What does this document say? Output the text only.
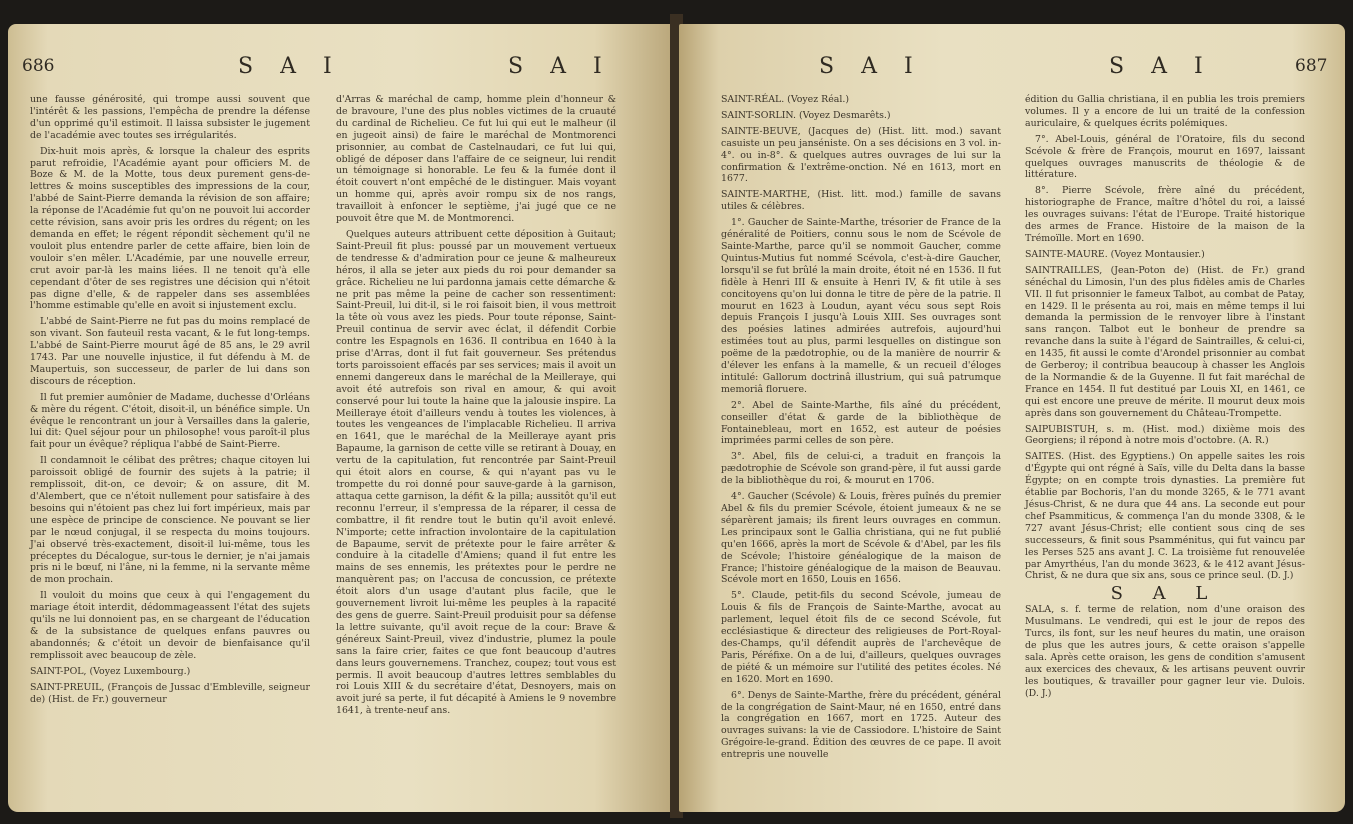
686	S A I	S A I

une fausse générosité, qui trompe aussi souvent que l'intérêt & les passions, l'empêcha de prendre la défense d'un opprimé qu'il estimoit. Il laissa subsister le jugement de l'académie avec toutes ses irrégularités.

Dix-huit mois après, & lorsque la chaleur des esprits parut refroidie, l'Académie ayant pour officiers M. de Boze & M. de la Motte, tous deux purement gens-de-lettres & moins susceptibles des impressions de la cour, l'abbé de Saint-Pierre demanda la révision de son affaire; la réponse de l'Académie fut qu'on ne pouvoit lui accorder cette révision, sans avoir pris les ordres du régent; on les demanda en effet; le régent répondit sèchement qu'il ne vouloit plus entendre parler de cette affaire, bien loin de vouloir s'en mêler. L'Académie, par une nouvelle erreur, crut avoir par-là les mains liées. Il ne tenoit qu'à elle cependant d'ôter de ses registres une décision qui n'étoit pas digne d'elle, & de rappeler dans ses assemblées l'homme estimable qu'elle en avoit si injustement exclu.

L'abbé de Saint-Pierre ne fut pas du moins remplacé de son vivant. Son fauteuil resta vacant, & le fut long-temps. L'abbé de Saint-Pierre mourut âgé de 85 ans, le 29 avril 1743. Par une nouvelle injustice, il fut défendu à M. de Maupertuis, son successeur, de parler de lui dans son discours de réception.

Il fut premier aumônier de Madame, duchesse d'Orléans & mère du régent. C'étoit, disoit-il, un bénéfice simple. Un évêque le rencontrant un jour à Versailles dans la galerie, lui dit: Quel séjour pour un philosophe! vous paroît-il plus fait pour un évêque? répliqua l'abbé de Saint-Pierre.

Il condamnoit le célibat des prêtres; chaque citoyen lui paroissoit obligé de fournir des sujets à la patrie; il remplissoit, dit-on, ce devoir; & on assure, dit M. d'Alembert, que ce n'étoit nullement pour satisfaire à des besoins qui n'étoient pas chez lui fort impérieux, mais par une espèce de principe de conscience. Ne pouvant se lier par le nœud conjugal, il se respecta du moins toujours. J'ai observé très-exactement, disoit-il lui-même, tous les préceptes du Décalogue, sur-tous le dernier, je n'ai jamais pris ni le bœuf, ni l'âne, ni la femme, ni la servante même de mon prochain.

Il vouloit du moins que ceux à qui l'engagement du mariage étoit interdit, dédommageassent l'état des sujets qu'ils ne lui donnoient pas, en se chargeant de l'éducation & de la subsistance de quelques enfans pauvres ou abandonnés; & c'étoit un devoir de bienfaisance qu'il remplissoit avec beaucoup de zèle.

SAINT-POL, (Voyez Luxembourg.)

SAINT-PREUIL, (François de Jussac d'Embleville, seigneur de) (Hist. de Fr.) gouverneur

d'Arras & maréchal de camp, homme plein d'honneur & de bravoure, l'une des plus nobles victimes de la cruauté du cardinal de Richelieu. Ce fut lui qui eut le malheur (il en jugeoit ainsi) de faire le maréchal de Montmorenci prisonnier, au combat de Castelnaudari, ce fut lui qui, obligé de déposer dans l'affaire de ce seigneur, lui rendit un témoignage si honorable. Le feu & la fumée dont il étoit couvert n'ont empêché de le distinguer. Mais voyant un homme qui, après avoir rompu six de nos rangs, travailloit à enfoncer le septième, j'ai jugé que ce ne pouvoit être que M. de Montmorenci.

Quelques auteurs attribuent cette déposition à Guitaut; Saint-Preuil fit plus: poussé par un mouvement vertueux de tendresse & d'admiration pour ce jeune & malheureux héros, il alla se jeter aux pieds du roi pour demander sa grâce. Richelieu ne lui pardonna jamais cette démarche & ne prit pas même la peine de cacher son ressentiment: Saint-Preuil, lui dit-il, si le roi faisoit bien, il vous mettroit la tête où vous avez les pieds. Pour toute réponse, Saint-Preuil continua de servir avec éclat, il défendit Corbie contre les Espagnols en 1636. Il contribua en 1640 à la prise d'Arras, dont il fut fait gouverneur. Ses prétendus torts paroissoient effacés par ses services; mais il avoit un ennemi dangereux dans le maréchal de la Meilleraye, qui avoit été autrefois son rival en amour, & qui avoit conservé pour lui toute la haine que la jalousie inspire. La Meilleraye étoit d'ailleurs vendu à toutes les violences, à toutes les vengeances de l'implacable Richelieu. Il arriva en 1641, que le maréchal de la Meilleraye ayant pris Bapaume, la garnison de cette ville se retirant à Douay, en vertu de la capitulation, fut rencontrée par Saint-Preuil qui étoit alors en course, & qui n'ayant pas vu le trompette du roi donné pour sauve-garde à la garnison, attaqua cette garnison, la défit & la pilla; aussitôt qu'il eut reconnu l'erreur, il s'empressa de la réparer, il cessa de combattre, il fit rendre tout le butin qu'il avoit enlevé. N'importe; cette infraction involontaire de la capitulation de Bapaume, servit de prétexte pour le faire arrêter & conduire à la citadelle d'Amiens; quand il fut entre les mains de ses ennemis, les prétextes pour le perdre ne manquèrent pas; on l'accusa de concussion, ce prétexte étoit alors d'un usage d'autant plus facile, que le gouvernement livroit lui-même les peuples à la rapacité des gens de guerre. Saint-Preuil produisit pour sa défense la lettre suivante, qu'il avoit reçue de la cour: Brave & généreux Saint-Preuil, vivez d'industrie, plumez la poule sans la faire crier, faites ce que font beaucoup d'autres dans leurs gouvernemens. Tranchez, coupez; tout vous est permis. Il avoit beaucoup d'autres lettres semblables du roi Louis XIII & du secrétaire d'état, Desnoyers, mais on avoit juré sa perte, il fut décapité à Amiens le 9 novembre 1641, à trente-neuf ans.

S A I	S A I	687

SAINT-RÉAL. (Voyez Réal.)

SAINT-SORLIN. (Voyez Desmarêts.)

SAINTE-BEUVE, (Jacques de) (Hist. litt. mod.) savant casuiste un peu janséniste. On a ses décisions en 3 vol. in-4°. ou in-8°. & quelques autres ouvrages de lui sur la confirmation & l'extrême-onction. Né en 1613, mort en 1677.

SAINTE-MARTHE, (Hist. litt. mod.) famille de savans utiles & célèbres.

1°. Gaucher de Sainte-Marthe, trésorier de France de la généralité de Poitiers, connu sous le nom de Scévole de Sainte-Marthe, parce qu'il se nommoit Gaucher, comme Quintus-Mutius fut nommé Scévola, c'est-à-dire Gaucher, lorsqu'il se fut brûlé la main droite, étoit né en 1536. Il fut fidèle à Henri III & ensuite à Henri IV, & fit utile à ses concitoyens qu'on lui donna le titre de père de la patrie. Il mourut en 1623 à Loudun, ayant vécu sous sept Rois depuis François I jusqu'à Louis XIII. Ses ouvrages sont des poésies latines admirées autrefois, aujourd'hui estimées tout au plus, parmi lesquelles on distingue son poëme de la pædotrophie, ou de la manière de nourrir & d'élever les enfans à la mamelle, & un recueil d'éloges intitulé: Gallorum doctrinâ illustrium, qui suâ patrumque memoriâ floruere.

2°. Abel de Sainte-Marthe, fils aîné du précédent, conseiller d'état & garde de la bibliothèque de Fontainebleau, mort en 1652, est auteur de poésies imprimées parmi celles de son père.

3°. Abel, fils de celui-ci, a traduit en françois la pædotrophie de Scévole son grand-père, il fut aussi garde de la bibliothèque du roi, & mourut en 1706.

4°. Gaucher (Scévole) & Louis, frères puînés du premier Abel & fils du premier Scévole, étoient jumeaux & ne se séparèrent jamais; ils firent leurs ouvrages en commun. Les principaux sont le Gallia christiana, qui ne fut publié qu'en 1666, après la mort de Scévole & d'Abel, par les fils de Scévole; l'histoire généalogique de la maison de France; l'histoire généalogique de la maison de Beauvau. Scévole mort en 1650, Louis en 1656.

5°. Claude, petit-fils du second Scévole, jumeau de Louis & fils de François de Sainte-Marthe, avocat au parlement, lequel étoit fils de ce second Scévole, fut ecclésiastique & directeur des religieuses de Port-Royal-des-Champs, qu'il défendit auprès de l'archevêque de Paris, Péréfixe. On a de lui, d'ailleurs, quelques ouvrages de piété & un mémoire sur l'utilité des petites écoles. Né en 1620. Mort en 1690.

6°. Denys de Sainte-Marthe, frère du précédent, général de la congrégation de Saint-Maur, né en 1650, entré dans la congrégation en 1667, mort en 1725. Auteur des ouvrages suivans: la vie de Cassiodore. L'histoire de Saint Grégoire-le-grand. Édition des œuvres de ce pape. Il avoit entrepris une nouvelle

édition du Gallia christiana, il en publia les trois premiers volumes. Il y a encore de lui un traité de la confession auriculaire, & quelques écrits polémiques.

7°. Abel-Louis, général de l'Oratoire, fils du second Scévole & frère de François, mourut en 1697, laissant quelques ouvrages manuscrits de théologie & de littérature.

8°. Pierre Scévole, frère aîné du précédent, historiographe de France, maître d'hôtel du roi, a laissé les ouvrages suivans: l'état de l'Europe. Traité historique des armes de France. Histoire de la maison de la Trémoïlle. Mort en 1690.

SAINTE-MAURE. (Voyez Montausier.)

SAINTRAILLES, (Jean-Poton de) (Hist. de Fr.) grand sénéchal du Limosin, l'un des plus fidèles amis de Charles VII. Il fut prisonnier le fameux Talbot, au combat de Patay, en 1429. Il le présenta au roi, mais en même temps il lui demanda la permission de le renvoyer libre à l'instant sans rançon. Talbot eut le bonheur de prendre sa revanche dans la suite à l'égard de Saintrailles, & celui-ci, en 1435, fit aussi le comte d'Arondel prisonnier au combat de Gerberoy; il contribua beaucoup à chasser les Anglois de la Normandie & de la Guyenne. Il fut fait maréchal de France en 1454. Il fut destitué par Louis XI, en 1461, ce qui est encore une preuve de mérite. Il mourut deux mois après dans son gouvernement du Château-Trompette.

SAIPUBISTUH, s. m. (Hist. mod.) dixième mois des Georgiens; il répond à notre mois d'octobre. (A. R.)

SAITES. (Hist. des Egyptiens.) On appelle saites les rois d'Égypte qui ont régné à Saïs, ville du Delta dans la basse Égypte; on en compte trois dynasties. La première fut établie par Bochoris, l'an du monde 3265, & le 771 avant Jésus-Christ, & ne dura que 44 ans. La seconde eut pour chef Psammiticus, & commença l'an du monde 3308, & le 727 avant Jésus-Christ; elle contient sous cinq de ses successeurs, & finit sous Psamménitus, qui fut vaincu par les Perses 525 ans avant J. C. La troisième fut renouvelée par Amyrthéus, l'an du monde 3623, & le 412 avant Jésus-Christ, & ne dura que six ans, sous ce prince seul. (D. J.)

S A L

SALA, s. f. terme de relation, nom d'une oraison des Musulmans. Le vendredi, qui est le jour de repos des Turcs, ils font, sur les neuf heures du matin, une oraison de plus que les autres jours, & cette oraison s'appelle sala. Après cette oraison, les gens de condition s'amusent aux exercices des chevaux, & les artisans peuvent ouvrir les boutiques, & travailler pour gagner leur vie. Dulois. (D. J.)
